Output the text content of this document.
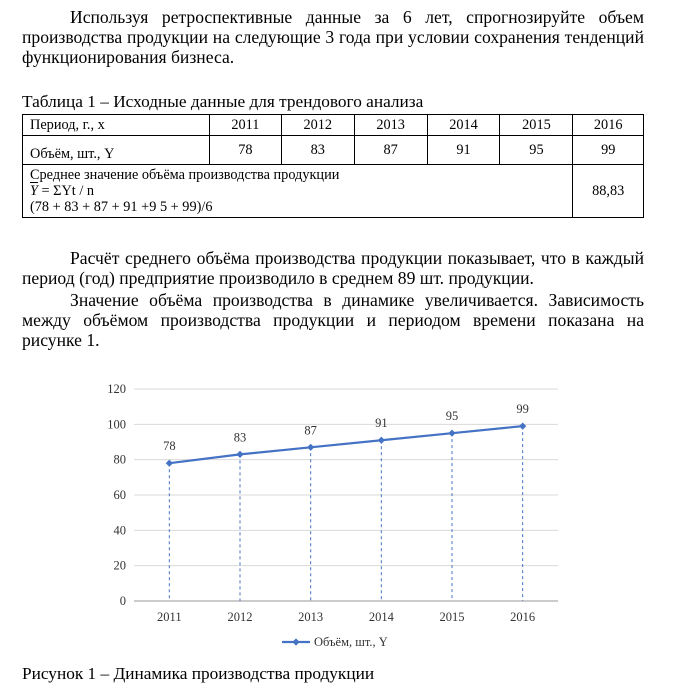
Используя ретроспективные данные за 6 лет, спрогнозируйте объем производства продукции на следующие 3 года при условии сохранения тенденций функционирования бизнеса.

Таблица 1 – Исходные данные для трендового анализа

Период, г., x	2011	2012	2013	2014	2015	2016
Объём, шт., Y	78	83	87	91	95	99

Среднее значение объёма производства продукции
$\overline{Y} = \Sigma Yt / n$
(78 + 83 + 87 + 91 +9 5 + 99)/6						88,83

Расчёт среднего объёма производства продукции показывает, что в каждый период (год) предприятие производило в среднем 89 шт. продукции.

Значение объёма производства в динамике увеличивается. Зависимость между объёмом производства продукции и периодом времени показана на рисунке 1.

0
20
40
60
80
100
120
2011	2012	2013	2014	2015	2016
78
83
87
91
95
99
Объём, шт., Y

Рисунок 1 – Динамика производства продукции
